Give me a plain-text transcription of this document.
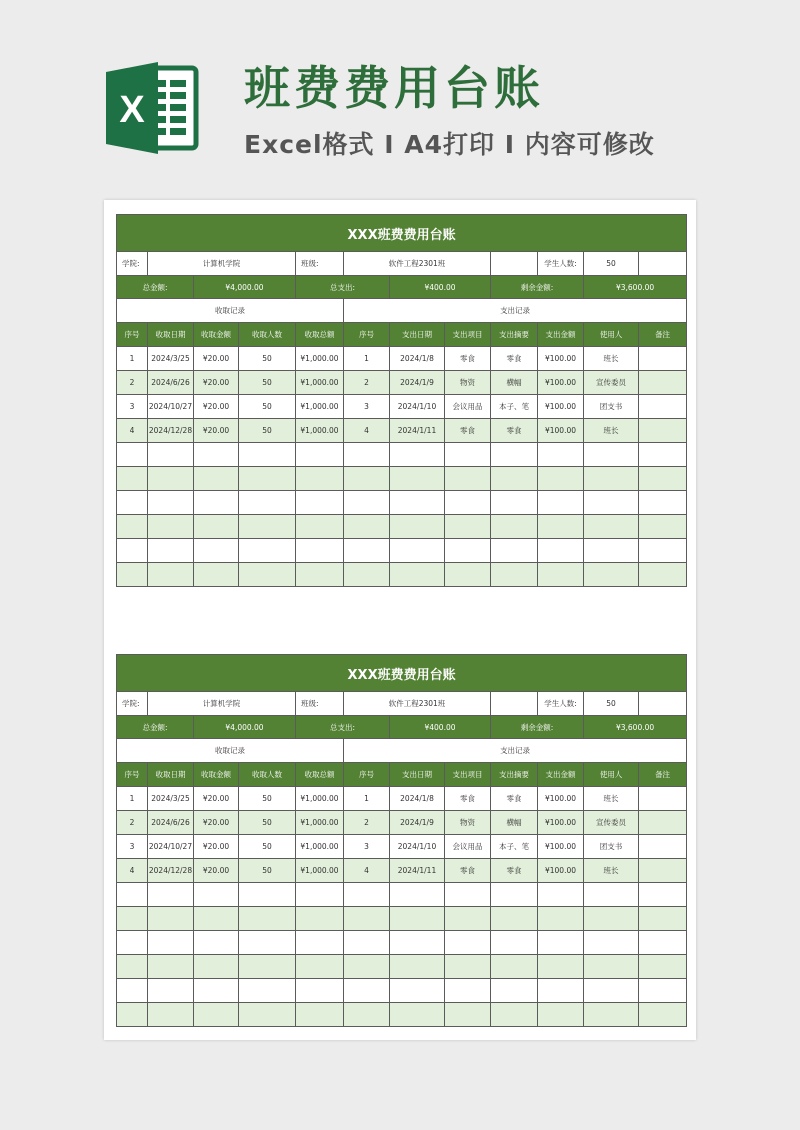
X 班费费用台账
Excel格式 I A4打印 I 内容可修改
XXX班费费用台账											
学院:	计算机学院			班级:	软件工程2301班				学生人数:	50	
总金额:		¥4,000.00		总支出:		¥400.00		剩余金额:		¥3,600.00	
收取记录					支出记录						
序号	收取日期	收取金额	收取人数	收取总额	序号	支出日期	支出项目	支出摘要	支出金额	使用人	备注
1	2024/3/25	¥20.00	50	¥1,000.00	1	2024/1/8	零食	零食	¥100.00	班长	
2	2024/6/26	¥20.00	50	¥1,000.00	2	2024/1/9	物资	横幅	¥100.00	宣传委员	
3	2024/10/27	¥20.00	50	¥1,000.00	3	2024/1/10	会议用品	本子、笔	¥100.00	团支书	
4	2024/12/28	¥20.00	50	¥1,000.00	4	2024/1/11	零食	零食	¥100.00	班长	

XXX班费费用台账											
学院:	计算机学院			班级:	软件工程2301班				学生人数:	50	
总金额:		¥4,000.00		总支出:		¥400.00		剩余金额:		¥3,600.00	
收取记录					支出记录						
序号	收取日期	收取金额	收取人数	收取总额	序号	支出日期	支出项目	支出摘要	支出金额	使用人	备注
1	2024/3/25	¥20.00	50	¥1,000.00	1	2024/1/8	零食	零食	¥100.00	班长	
2	2024/6/26	¥20.00	50	¥1,000.00	2	2024/1/9	物资	横幅	¥100.00	宣传委员	
3	2024/10/27	¥20.00	50	¥1,000.00	3	2024/1/10	会议用品	本子、笔	¥100.00	团支书	
4	2024/12/28	¥20.00	50	¥1,000.00	4	2024/1/11	零食	零食	¥100.00	班长	
